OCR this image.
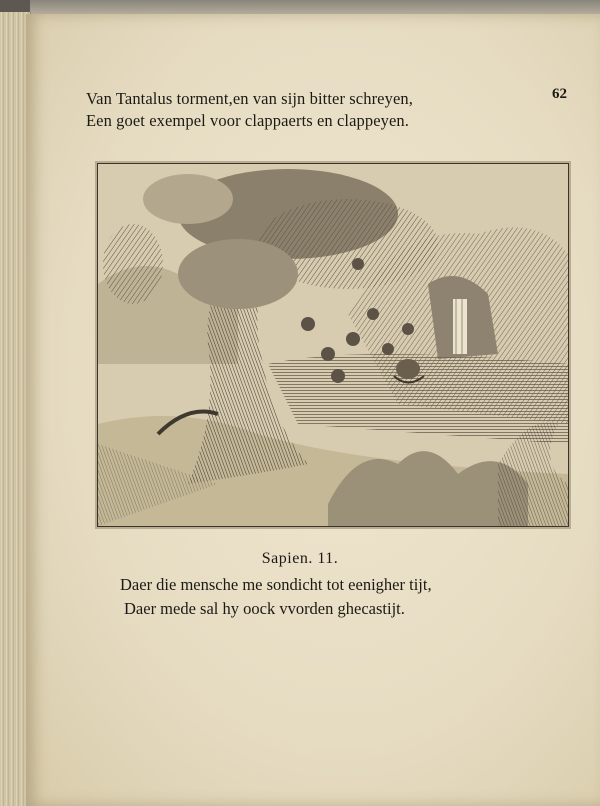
Van Tantalus torment,en van sijn bitter schreyen,
Een goet exempel voor clappaerts en clappeyen.
62
Sapien. 11.
Daer die mensche me sondicht tot eenigher tijt,
Daer mede sal hy oock vvorden ghecastijt.
